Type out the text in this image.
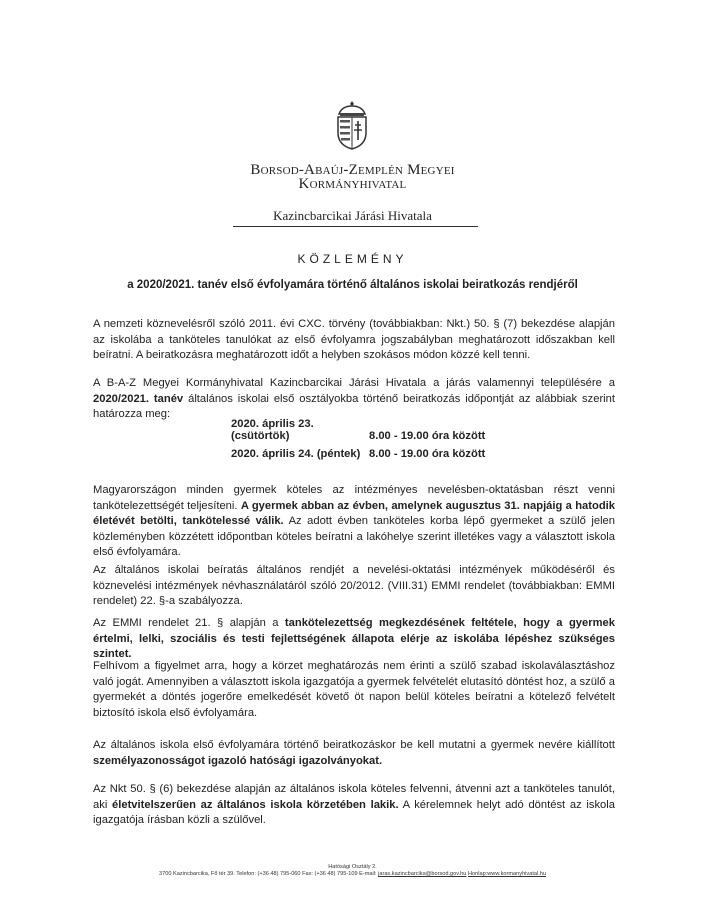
Borsod-Abaúj-Zemplén Megyei
Kormányhivatal
Kazincbarcikai Járási Hivatala
KÖZLEMÉNY
a 2020/2021. tanév első évfolyamára történő általános iskolai beiratkozás rendjéről
A nemzeti köznevelésről szóló 2011. évi CXC. törvény (továbbiakban: Nkt.) 50. § (7) bekezdése alapján az iskolába a tanköteles tanulókat az első évfolyamra jogszabályban meghatározott időszakban kell beíratni. A beiratkozásra meghatározott időt a helyben szokásos módon közzé kell tenni.
A B-A-Z Megyei Kormányhivatal Kazincbarcikai Járási Hivatala a járás valamennyi településére a 2020/2021. tanév általános iskolai első osztályokba történő beiratkozás időpontját az alábbiak szerint határozza meg:
2020. április 23. (csütörtök)	8.00 - 19.00 óra között
2020. április 24. (péntek) 8.00 - 19.00 óra között
Magyarországon minden gyermek köteles az intézményes nevelésben-oktatásban részt venni tankötelezettségét teljesíteni. A gyermek abban az évben, amelynek augusztus 31. napjáig a hatodik életévét betölti, tankötelessé válik. Az adott évben tanköteles korba lépő gyermeket a szülő jelen közleményben közzétett időpontban köteles beíratni a lakóhelye szerint illetékes vagy a választott iskola első évfolyamára.
Az általános iskolai beíratás általános rendjét a nevelési-oktatási intézmények működéséről és köznevelési intézmények névhasználatáról szóló 20/2012. (VIII.31) EMMI rendelet (továbbiakban: EMMI rendelet) 22. §-a szabályozza.
Az EMMI rendelet 21. § alapján a tankötelezettség megkezdésének feltétele, hogy a gyermek értelmi, lelki, szociális és testi fejlettségének állapota elérje az iskolába lépéshez szükséges szintet.
Felhívom a figyelmet arra, hogy a körzet meghatározás nem érinti a szülő szabad iskolaválasztáshoz való jogát. Amennyiben a választott iskola igazgatója a gyermek felvételét elutasító döntést hoz, a szülő a gyermekét a döntés jogerőre emelkedését követő öt napon belül köteles beíratni a kötelező felvételt biztosító iskola első évfolyamára.
Az általános iskola első évfolyamára történő beiratkozáskor be kell mutatni a gyermek nevére kiállított személyazonosságot igazoló hatósági igazolványokat.
Az Nkt 50. § (6) bekezdése alapján az általános iskola köteles felvenni, átvenni azt a tanköteles tanulót, aki életvitelszerűen az általános iskola körzetében lakik. A kérelemnek helyt adó döntést az iskola igazgatója írásban közli a szülővel.
Hatósági Osztály 2.
3700 Kazincbarcika, Fő tér 39. Telefon: (+36 48) 795-060 Fax: (+36 48) 795-109 E-mail: jaras.kazincbarcika@borsod.gov.hu Honlap:www.kormanyhivatal.hu
